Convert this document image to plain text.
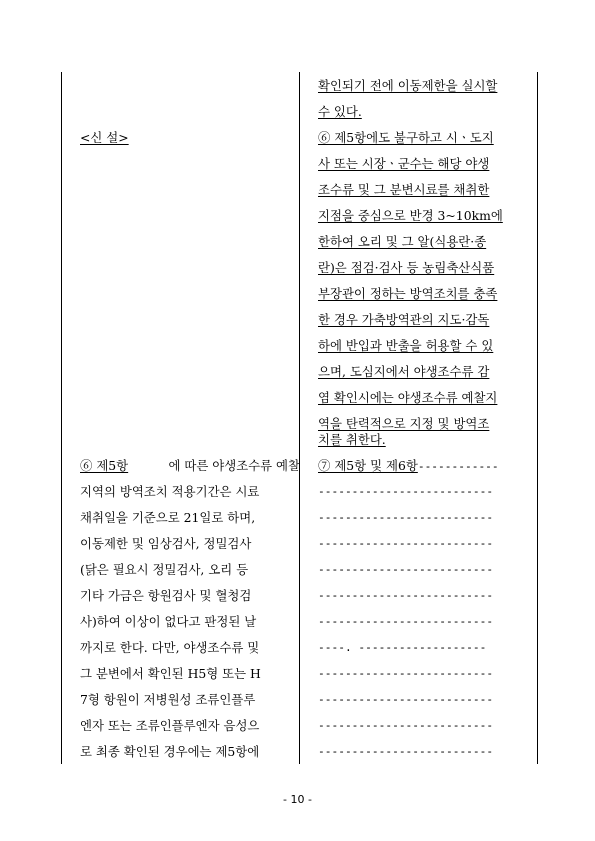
<신 설>
⑥ 제5항	에 따른 야생조수류 예찰
지역의 방역조치 적용기간은 시료
채취일을 기준으로 21일로 하며,
이동제한 및 임상검사, 정밀검사
(닭은 필요시 정밀검사, 오리 등
기타 가금은 항원검사 및 혈청검
사)하여 이상이 없다고 판정된 날
까지로 한다. 다만, 야생조수류 및
그 분변에서 확인된 H5형 또는 H
7형 항원이 저병원성 조류인플루
엔자 또는 조류인플루엔자 음성으
로 최종 확인된 경우에는 제5항에
확인되기 전에 이동제한을 실시할
수 있다.
⑥ 제5항에도 불구하고 시ㆍ도지
사 또는 시장ㆍ군수는 해당 야생
조수류 및 그 분변시료를 채취한
지점을 중심으로 반경 3~10km에
한하여 오리 및 그 알(식용란·종
란)은 점검·검사 등 농림축산식품
부장관이 정하는 방역조치를 충족
한 경우 가축방역관의 지도·감독
하에 반입과 반출을 허용할 수 있
으며, 도심지에서 야생조수류 감
염 확인시에는 야생조수류 예찰지
역을 탄력적으로 지정 및 방역조
치를 취한다.
⑦ 제5항 및 제6항------------
--------------------------
--------------------------
--------------------------
--------------------------
--------------------------
--------------------------
----. -------------------
--------------------------
--------------------------
--------------------------
--------------------------
- 10 -
